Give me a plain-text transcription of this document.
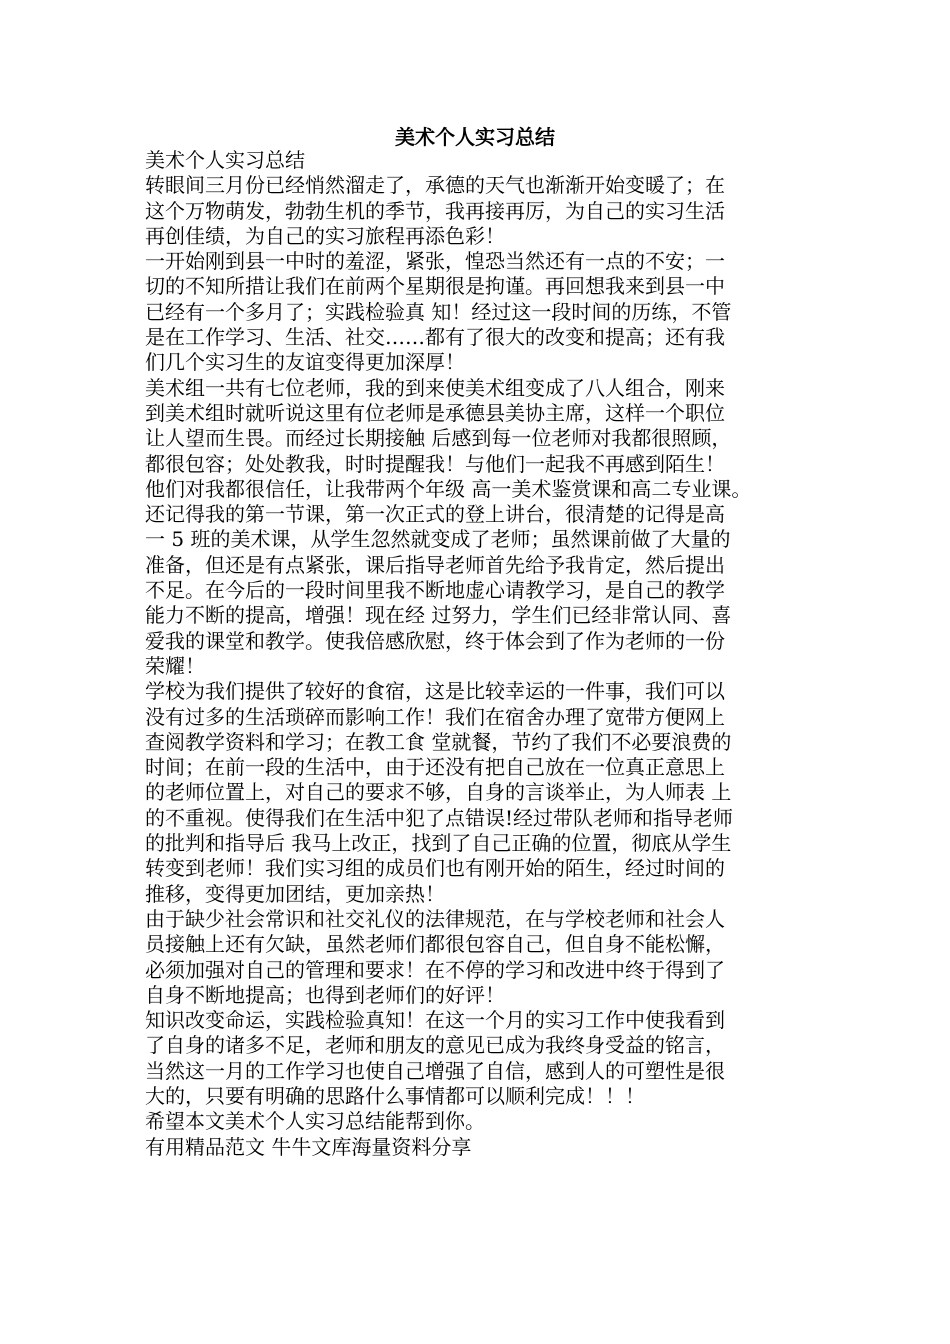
美术个人实习总结
美术个人实习总结
转眼间三月份已经悄然溜走了，承德的天气也渐渐开始变暖了；在
这个万物萌发，勃勃生机的季节，我再接再厉，为自己的实习生活
再创佳绩，为自己的实习旅程再添色彩！
一开始刚到县一中时的羞涩，紧张，惶恐当然还有一点的不安；一
切的不知所措让我们在前两个星期很是拘谨。再回想我来到县一中
已经有一个多月了；实践检验真 知！经过这一段时间的历练，不管
是在工作学习、生活、社交……都有了很大的改变和提高；还有我
们几个实习生的友谊变得更加深厚！
美术组一共有七位老师，我的到来使美术组变成了八人组合，刚来
到美术组时就听说这里有位老师是承德县美协主席，这样一个职位
让人望而生畏。而经过长期接触 后感到每一位老师对我都很照顾，
都很包容；处处教我，时时提醒我！与他们一起我不再感到陌生！
他们对我都很信任，让我带两个年级 高一美术鉴赏课和高二专业课。
还记得我的第一节课，第一次正式的登上讲台，很清楚的记得是高
一 5 班的美术课，从学生忽然就变成了老师；虽然课前做了大量的
准备，但还是有点紧张，课后指导老师首先给予我肯定，然后提出
不足。在今后的一段时间里我不断地虚心请教学习，是自己的教学
能力不断的提高，增强！现在经 过努力，学生们已经非常认同、喜
爱我的课堂和教学。使我倍感欣慰，终于体会到了作为老师的一份
荣耀！
学校为我们提供了较好的食宿，这是比较幸运的一件事，我们可以
没有过多的生活琐碎而影响工作！我们在宿舍办理了宽带方便网上
查阅教学资料和学习；在教工食 堂就餐，节约了我们不必要浪费的
时间；在前一段的生活中，由于还没有把自己放在一位真正意思上
的老师位置上，对自己的要求不够，自身的言谈举止，为人师表 上
的不重视。使得我们在生活中犯了点错误!经过带队老师和指导老师
的批判和指导后 我马上改正，找到了自己正确的位置，彻底从学生
转变到老师！我们实习组的成员们也有刚开始的陌生，经过时间的
推移，变得更加团结，更加亲热！
由于缺少社会常识和社交礼仪的法律规范，在与学校老师和社会人
员接触上还有欠缺，虽然老师们都很包容自己，但自身不能松懈，
必须加强对自己的管理和要求！在不停的学习和改进中终于得到了
自身不断地提高；也得到老师们的好评！
知识改变命运，实践检验真知！在这一个月的实习工作中使我看到
了自身的诸多不足，老师和朋友的意见已成为我终身受益的铭言，
当然这一月的工作学习也使自己增强了自信，感到人的可塑性是很
大的，只要有明确的思路什么事情都可以顺利完成！！！
希望本文美术个人实习总结能帮到你。
有用精品范文 牛牛文库海量资料分享
